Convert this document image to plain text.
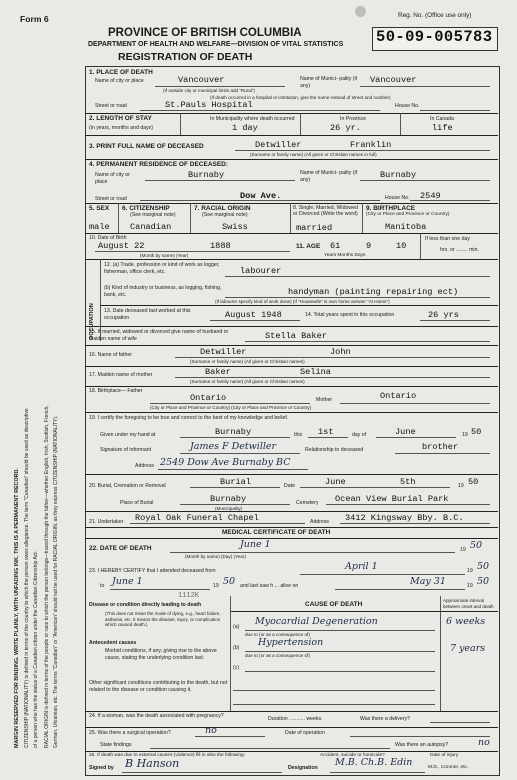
Form 6	Reg. No. (Office use only)
50-09-005783
PROVINCE OF BRITISH COLUMBIA
DEPARTMENT OF HEALTH AND WELFARE—DIVISION OF VITAL STATISTICS
REGISTRATION OF DEATH
MARGIN RESERVED FOR BINDING. WRITE PLAINLY, WITH UNFADING INK. THIS IS A PERMANENT RECORD. CITIZENSHIP (NATIONALITY) is defined in terms of the country to which the person owes allegiance. The term “Canadian” should be used as descriptive of a person who has the status of a Canadian citizen under the Canadian Citizenship Act. RACIAL ORIGIN is defined in terms of the people or race to which the person belongs—traced through the father—whether English, Irish, Scottish, French, German, Ukrainian, etc. The terms “Canadian” or “American” should not be used for RACIAL ORIGIN, as they express CITIZENSHIP (NATIONALITY).
1. PLACE OF DEATH
Name of city or place	Vancouver
(If outside city or municipal limits add “Rural”)
Name of Munici- pality (if any)
Vancouver
(If death occurred in a hospital or institution, give the name instead of street and number)
Street or road	St.Pauls Hospital	House No.
2. LENGTH OF STAY
(in years, months and days)
In Municipality where death occurred
1 day
In Province
26 yr.
In Canada
life
3. PRINT FULL NAME OF DECEASED	Detwiller	Franklin
(Surname or family name) (All given or Christian names in full)
4. PERMANENT RESIDENCE OF DECEASED:
Name of city or place
Burnaby	Name of Munici- pality (if any)	Burnaby
Street or road	Dow Ave.	House No. 2549
5. SEX
male
6. CITIZENSHIP
(See marginal note)
Canadian
7. RACIAL ORIGIN
(See marginal note)
Swiss
8. Single, Married, Widowed or Divorced (Write the word)
married
9. BIRTHPLACE
(City or Place and Province or Country)
Manitoba
10. Date of Birth
August 22	1888
(Month by name) (Year)
11. AGE 61	9	10
Years Months Days
If less than one day
hrs. or ........ min.
OCCUPATION
12. (a) Trade, profession or kind of work as logger, fisherman, office clerk, etc.	labourer
(b) Kind of industry or business, as logging, fishing, bank, etc.	handyman (painting repairing ect)
(If labourer specify kind of work done) (If “Housewife” is own home answer “At Home”)
13. Date deceased last worked at this occupation	August 1948	14. Total years spent in this occupation	26 yrs
15. If married, widowed or divorced give name of husband or maiden name of wife	Stella Baker
16. Name of father	Detwiller	John
(Surname or family name) (All given or Christian names)
17. Maiden name of mother	Baker	Selina
(Surname or family name) (All given or Christian names)
18. Birthplace— Father
Ontario	Mother	Ontario
(City or Place and Province or Country) (City or Place and Province or Country)
19. I certify the foregoing to be true and correct to the best of my knowledge and belief.
Given under my hand at	Burnaby	this 1st	day of	June	19 50
Signature of informant	James F Detwiller	Relationship to deceased	brother
Address 2549 Dow Ave Burnaby BC
20. Burial, Cremation or Removal	Burial	Date	June	5th	19 50
Place of Burial	Burnaby
(Municipality)
Cemetery Ocean View Burial Park
21. Undertaker Royal Oak Funeral Chapel	Address 3412 Kingsway Bby. B.C.
MEDICAL CERTIFICATE OF DEATH
22. DATE OF DEATH	June 1
(Month by name) (Day) (Year)
19 50
23. I HEREBY CERTIFY that I attended deceased from	April 1	19 50
to June 1	19 50 and last saw h ... alive on	May 31	19 50
1112K
CAUSE OF DEATH
Approximate interval between onset and death
Disease or condition directly leading to death
(This does not mean the mode of dying, e.g., heart failure, asthenia, etc. It means the disease, injury, or complication which caused death.)
Antecedent causes
Morbid conditions, if any, giving rise to the above cause, stating the underlying condition last.
Other significant conditions contributing to the death, but not related to the disease or condition causing it.
(a) Myocardial Degeneration	6 weeks
due to (or as a consequence of)
(b) Hypertension
7 years
due to (or as a consequence of)
(c)
24. If a woman, was the death associated with pregnancy?	Duration ........... weeks.	Was there a delivery?
25. Was there a surgical operation?	no	Date of operation
State findings	Was there an autopsy?	no
26. If death was due to external causes (violence) fill in also the following:	Accident, suicide or homicide?	Date of injury
Signed by B Hanson	Designation M.B. Ch.B. Edin	M.D., Coroner, etc.
